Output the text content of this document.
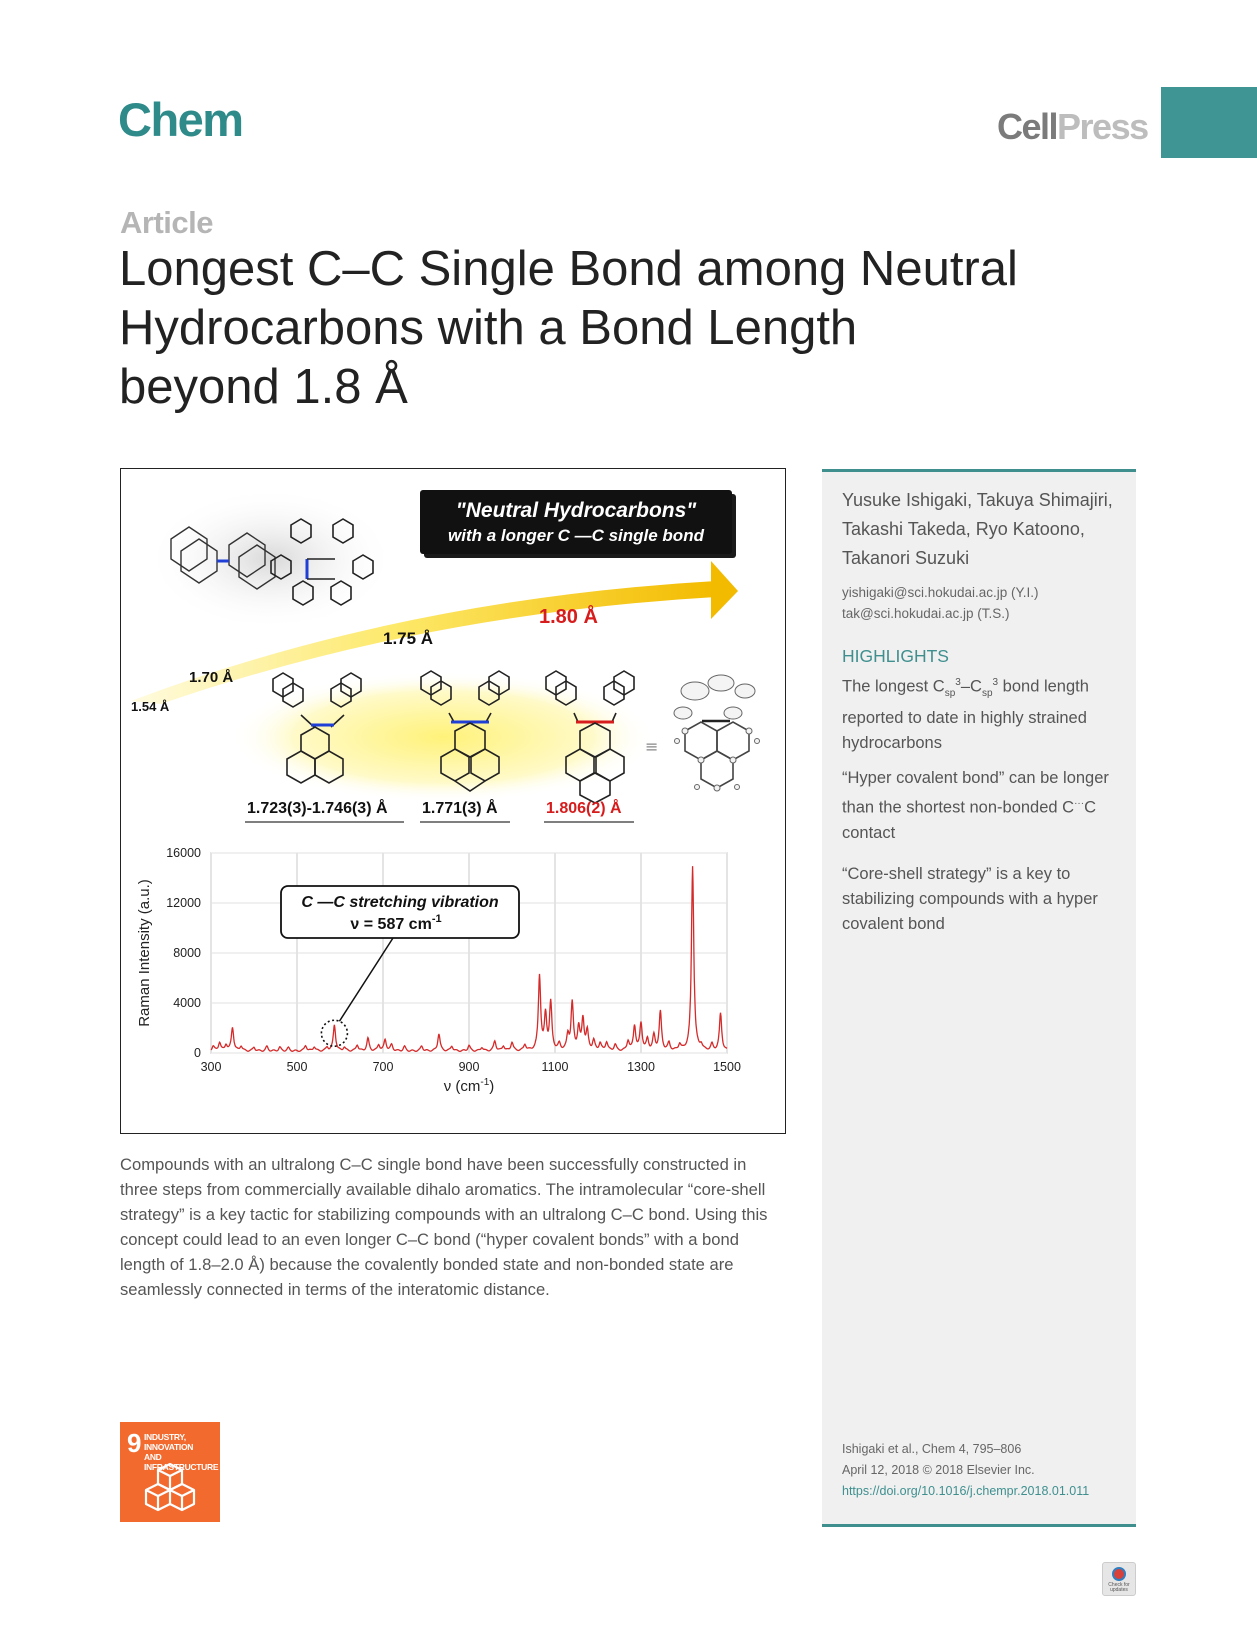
Chem	CellPress
Article
Longest C–C Single Bond among Neutral
Hydrocarbons with a Bond Length
beyond 1.8 Å
"Neutral Hydrocarbons"
with a longer C —C single bond
1.54 Å
1.70 Å
1.75 Å
1.80 Å
≡
1.723(3)-1.746(3) Å 1.771(3) Å	1.806(2) Å
300	500	700	900	1100	1300	1500
0
4000
8000
12000
16000
C —C stretching vibration
ν = 587 $cm^{-1}$
Raman Intensity (a.u.)
ν $(cm^{-1})$
Yusuke Ishigaki, Takuya Shimajiri, Takashi Takeda, Ryo Katoono, Takanori Suzuki
yishigaki@sci.hokudai.ac.jp (Y.I.)
tak@sci.hokudai.ac.jp (T.S.)
HIGHLIGHTS
The longest $C_{sp}^3-C_{sp}^3$ bond length reported to date in highly strained hydrocarbons
“Hyper covalent bond” can be longer than the shortest non-bonded C···C contact
“Core-shell strategy” is a key to stabilizing compounds with a hyper covalent bond
Ishigaki et al., Chem 4, 795–806
April 12, 2018 © 2018 Elsevier Inc.
https://doi.org/10.1016/j.chempr.2018.01.011
Compounds with an ultralong C–C single bond have been successfully constructed in three steps from commercially available dihalo aromatics. The intramolecular “core-shell strategy” is a key tactic for stabilizing compounds with an ultralong C–C bond. Using this concept could lead to an even longer C–C bond (“hyper covalent bonds” with a bond length of 1.8–2.0 Å) because the covalently bonded state and non-bonded state are seamlessly connected in terms of the interatomic distance.
9 INDUSTRY, INNOVATION
AND INFRASTRUCTURE
Check for
updates
